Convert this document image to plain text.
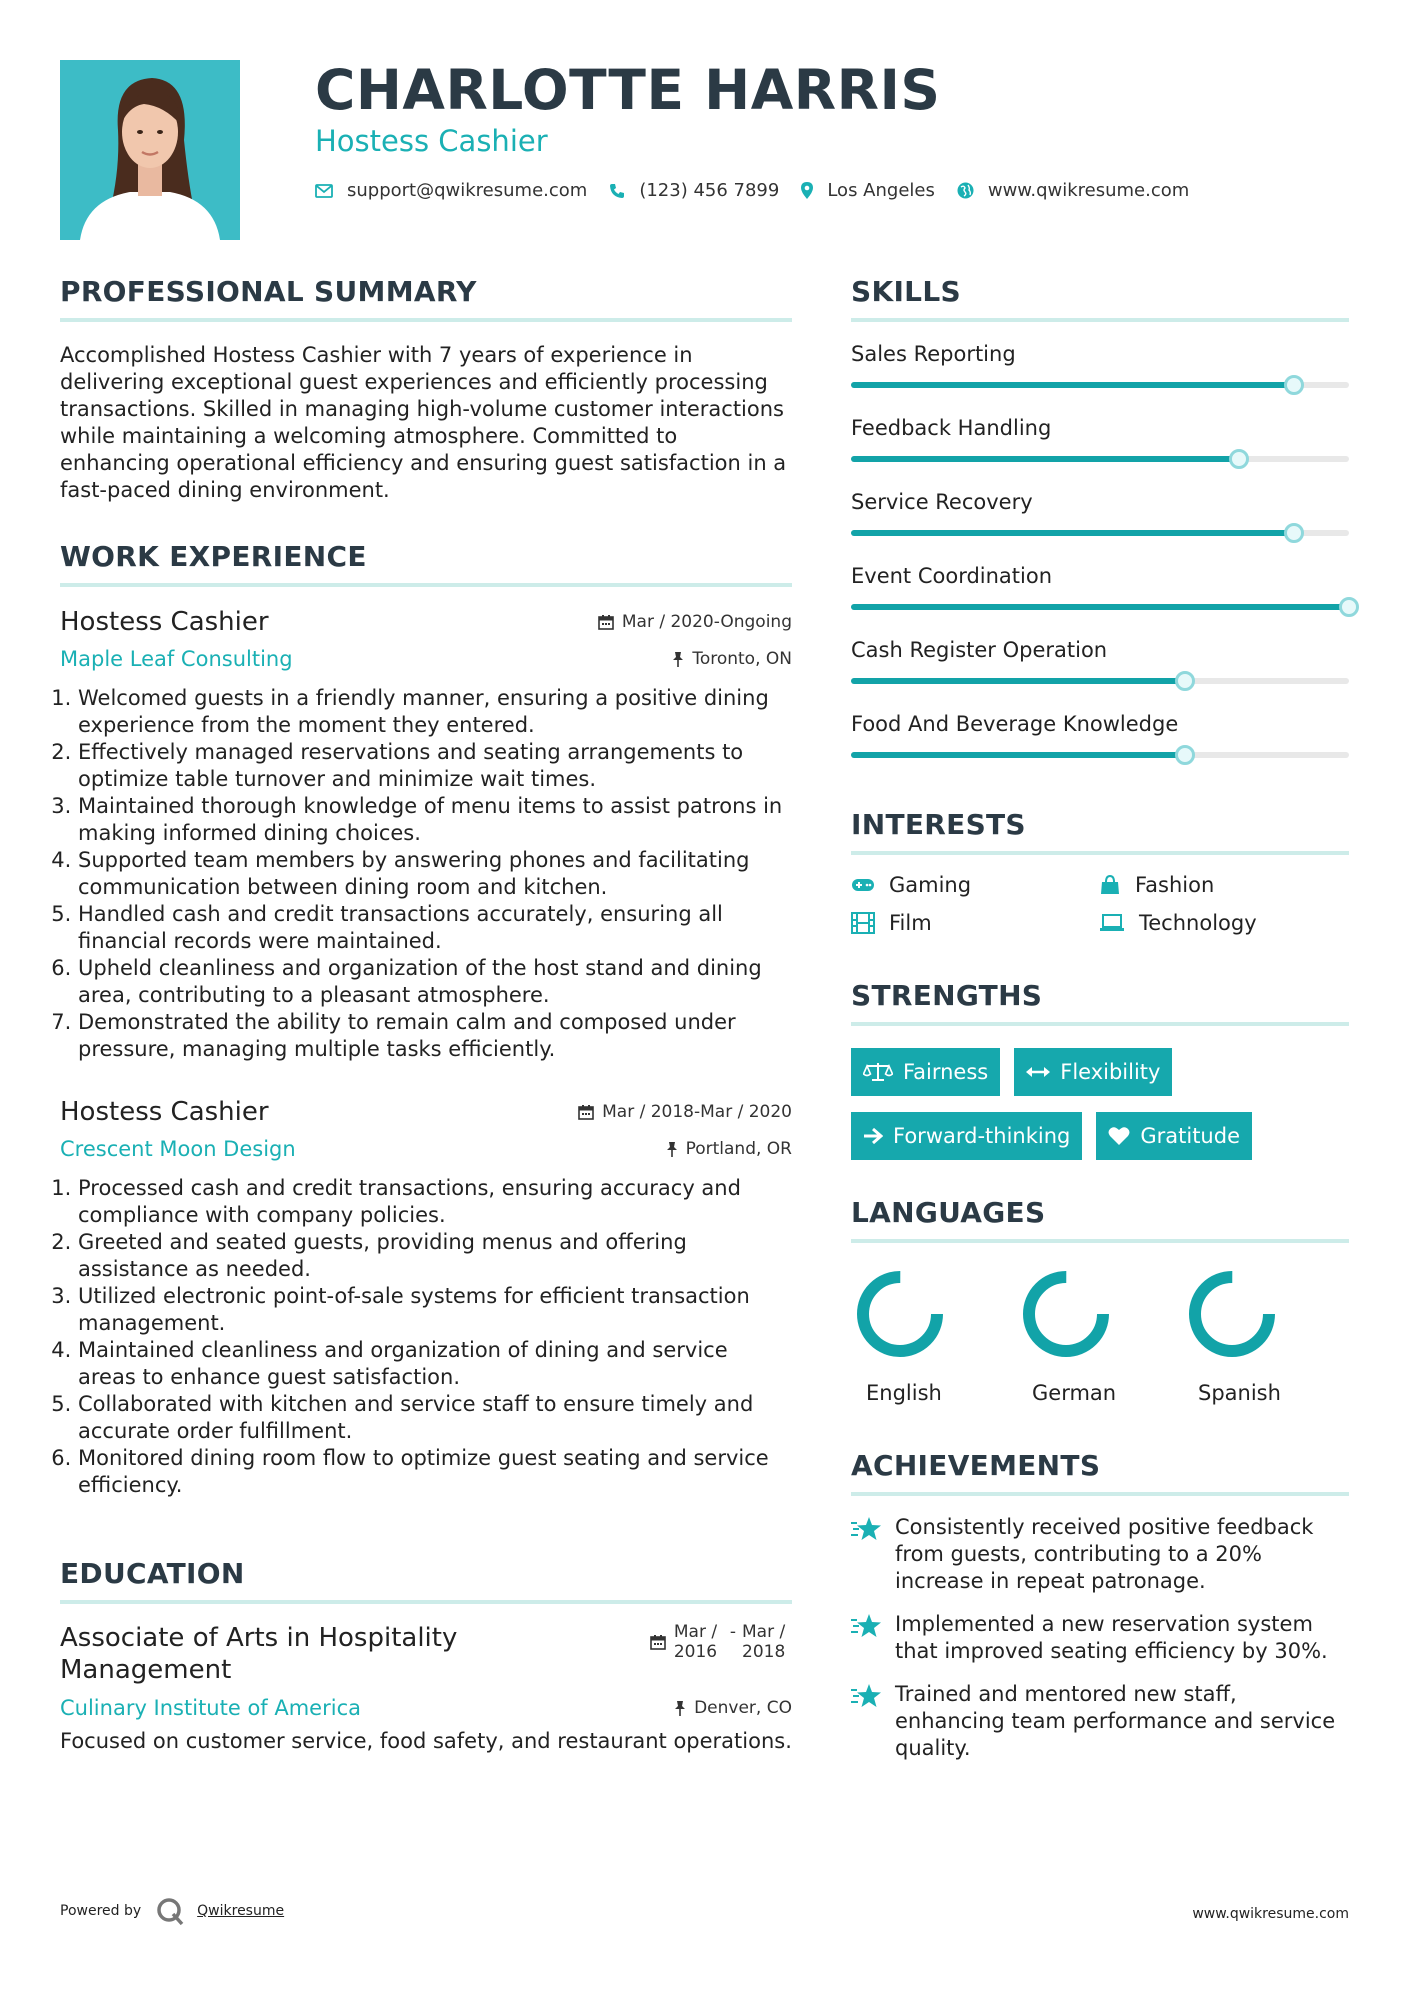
CHARLOTTE HARRIS
Hostess Cashier
support@qwikresume.com	(123) 456 7899	Los Angeles	www.qwikresume.com
PROFESSIONAL SUMMARY
Accomplished Hostess Cashier with 7 years of experience in delivering exceptional guest experiences and efficiently processing transactions. Skilled in managing high-volume customer interactions while maintaining a welcoming atmosphere. Committed to enhancing operational efficiency and ensuring guest satisfaction in a fast-paced dining environment.
WORK EXPERIENCE
Hostess Cashier	Mar / 2020-Ongoing
Maple Leaf Consulting	Toronto, ON
1. Welcomed guests in a friendly manner, ensuring a positive dining experience from the moment they entered.
2. Effectively managed reservations and seating arrangements to optimize table turnover and minimize wait times.
3. Maintained thorough knowledge of menu items to assist patrons in making informed dining choices.
4. Supported team members by answering phones and facilitating communication between dining room and kitchen.
5. Handled cash and credit transactions accurately, ensuring all financial records were maintained.
6. Upheld cleanliness and organization of the host stand and dining area, contributing to a pleasant atmosphere.
7. Demonstrated the ability to remain calm and composed under pressure, managing multiple tasks efficiently.
Hostess Cashier	Mar / 2018-Mar / 2020
Crescent Moon Design	Portland, OR
1. Processed cash and credit transactions, ensuring accuracy and compliance with company policies.
2. Greeted and seated guests, providing menus and offering assistance as needed.
3. Utilized electronic point-of-sale systems for efficient transaction management.
4. Maintained cleanliness and organization of dining and service areas to enhance guest satisfaction.
5. Collaborated with kitchen and service staff to ensure timely and accurate order fulfillment.
6. Monitored dining room flow to optimize guest seating and service efficiency.
EDUCATION
Associate of Arts in Hospitality Management
Mar / 2016
- Mar / 2018
Culinary Institute of America	Denver, CO
Focused on customer service, food safety, and restaurant operations.
SKILLS
Sales Reporting
Feedback Handling
Service Recovery
Event Coordination
Cash Register Operation
Food And Beverage Knowledge
INTERESTS
Gaming	Fashion
Film	Technology
STRENGTHS
Fairness	Flexibility
Forward-thinking	Gratitude
LANGUAGES
English	German	Spanish
ACHIEVEMENTS
Consistently received positive feedback from guests, contributing to a 20% increase in repeat patronage.
Implemented a new reservation system that improved seating efficiency by 30%.
Trained and mentored new staff, enhancing team performance and service quality.
Powered by	Qwikresume	www.qwikresume.com
